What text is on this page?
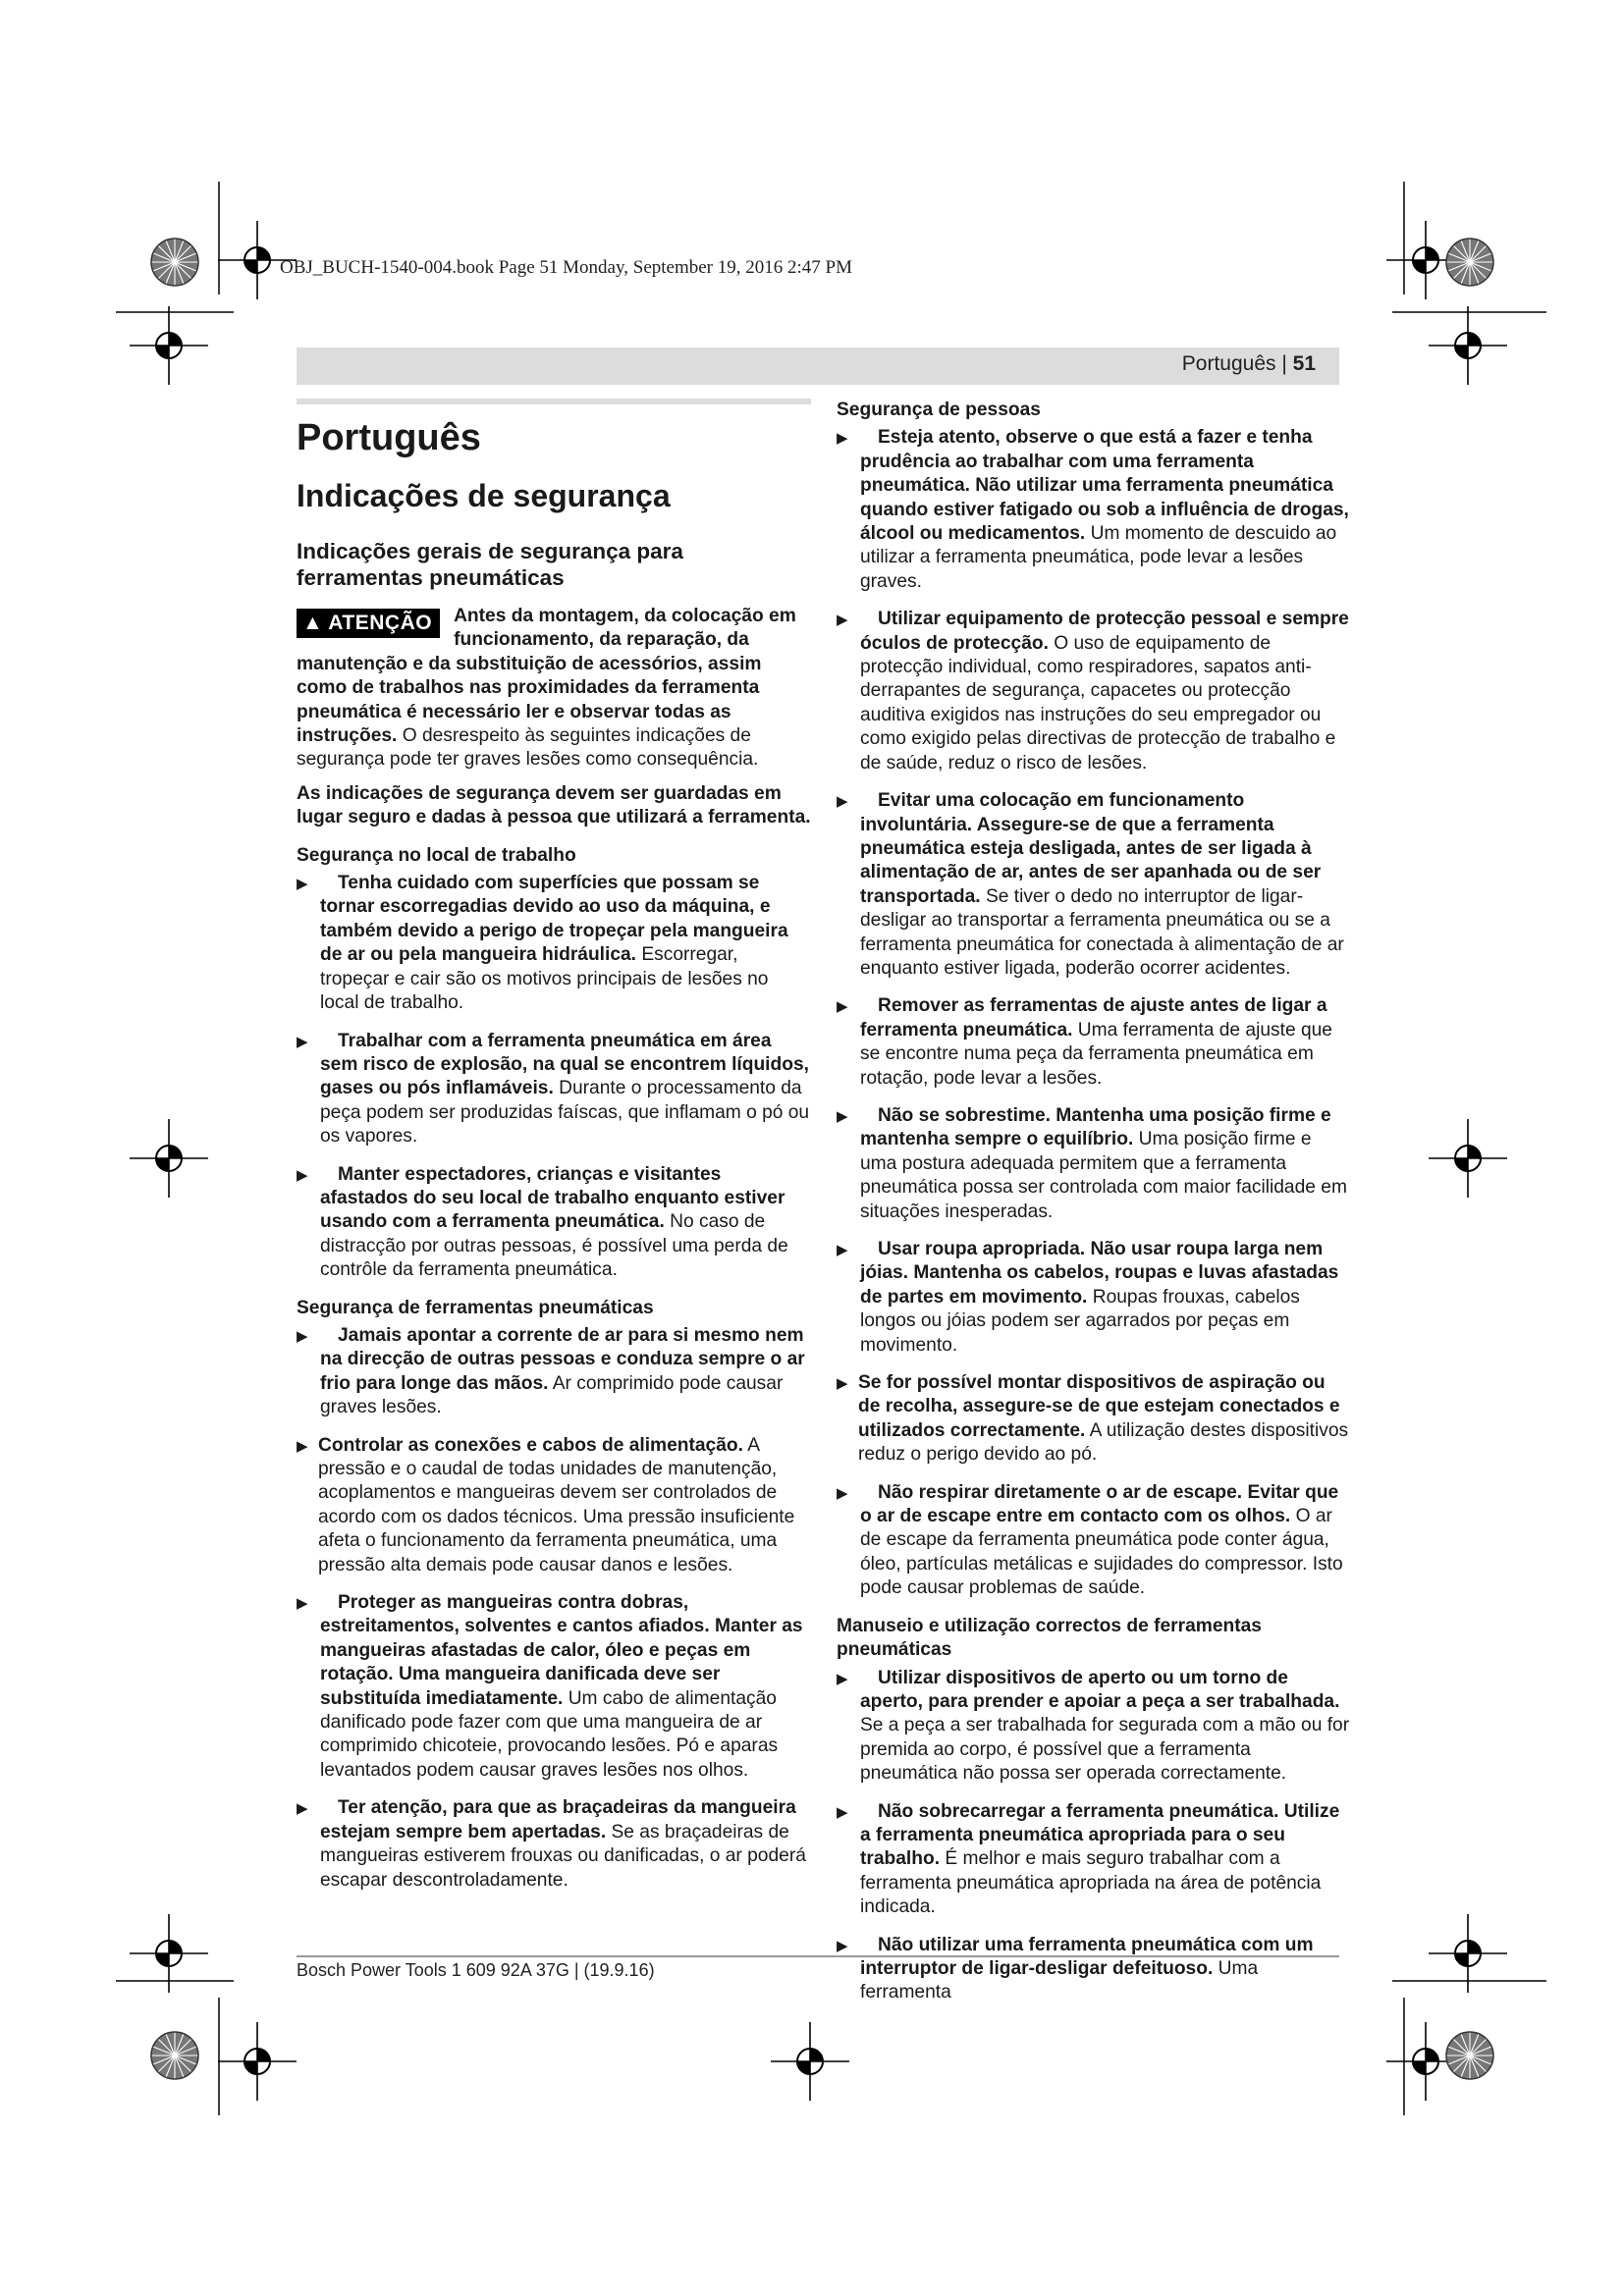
OBJ_BUCH-1540-004.book Page 51 Monday, September 19, 2016 2:47 PM
Português | 51
Português
Indicações de segurança
Indicações gerais de segurança para ferramentas pneumáticas
▲ ATENÇÃO	Antes da montagem, da colocação em funcionamento, da reparação, da manutenção e da substituição de acessórios, assim como de trabalhos nas proximidades da ferramenta pneumática é necessário ler e observar todas as instruções. O desrespeito às seguintes indicações de segurança pode ter graves lesões como consequência.
As indicações de segurança devem ser guardadas em lugar seguro e dadas à pessoa que utilizará a ferramenta.
Segurança no local de trabalho
▶ Tenha cuidado com superfícies que possam se tornar escorregadias devido ao uso da máquina, e também devido a perigo de tropeçar pela mangueira de ar ou pela mangueira hidráulica. Escorregar, tropeçar e cair são os motivos principais de lesões no local de trabalho.
▶ Trabalhar com a ferramenta pneumática em área sem risco de explosão, na qual se encontrem líquidos, gases ou pós inflamáveis. Durante o processamento da peça podem ser produzidas faíscas, que inflamam o pó ou os vapores.
▶ Manter espectadores, crianças e visitantes afastados do seu local de trabalho enquanto estiver usando com a ferramenta pneumática. No caso de distracção por outras pessoas, é possível uma perda de contrôle da ferramenta pneumática.
Segurança de ferramentas pneumáticas
▶ Jamais apontar a corrente de ar para si mesmo nem na direcção de outras pessoas e conduza sempre o ar frio para longe das mãos. Ar comprimido pode causar graves lesões.
▶ Controlar as conexões e cabos de alimentação. A pressão e o caudal de todas unidades de manutenção, acoplamentos e mangueiras devem ser controlados de acordo com os dados técnicos. Uma pressão insuficiente afeta o funcionamento da ferramenta pneumática, uma pressão alta demais pode causar danos e lesões.
▶ Proteger as mangueiras contra dobras, estreitamentos, solventes e cantos afiados. Manter as mangueiras afastadas de calor, óleo e peças em rotação. Uma mangueira danificada deve ser substituída imediatamente. Um cabo de alimentação danificado pode fazer com que uma mangueira de ar comprimido chicoteie, provocando lesões. Pó e aparas levantados podem causar graves lesões nos olhos.
▶ Ter atenção, para que as braçadeiras da mangueira estejam sempre bem apertadas. Se as braçadeiras de mangueiras estiverem frouxas ou danificadas, o ar poderá escapar descontroladamente.
Segurança de pessoas
▶ Esteja atento, observe o que está a fazer e tenha prudência ao trabalhar com uma ferramenta pneumática. Não utilizar uma ferramenta pneumática quando estiver fatigado ou sob a influência de drogas, álcool ou medicamentos. Um momento de descuido ao utilizar a ferramenta pneumática, pode levar a lesões graves.
▶ Utilizar equipamento de protecção pessoal e sempre óculos de protecção. O uso de equipamento de protecção individual, como respiradores, sapatos anti-derrapantes de segurança, capacetes ou protecção auditiva exigidos nas instruções do seu empregador ou como exigido pelas directivas de protecção de trabalho e de saúde, reduz o risco de lesões.
▶ Evitar uma colocação em funcionamento involuntária. Assegure-se de que a ferramenta pneumática esteja desligada, antes de ser ligada à alimentação de ar, antes de ser apanhada ou de ser transportada. Se tiver o dedo no interruptor de ligar-desligar ao transportar a ferramenta pneumática ou se a ferramenta pneumática for conectada à alimentação de ar enquanto estiver ligada, poderão ocorrer acidentes.
▶ Remover as ferramentas de ajuste antes de ligar a ferramenta pneumática. Uma ferramenta de ajuste que se encontre numa peça da ferramenta pneumática em rotação, pode levar a lesões.
▶ Não se sobrestime. Mantenha uma posição firme e mantenha sempre o equilíbrio. Uma posição firme e uma postura adequada permitem que a ferramenta pneumática possa ser controlada com maior facilidade em situações inesperadas.
▶ Usar roupa apropriada. Não usar roupa larga nem jóias. Mantenha os cabelos, roupas e luvas afastadas de partes em movimento. Roupas frouxas, cabelos longos ou jóias podem ser agarrados por peças em movimento.
▶ Se for possível montar dispositivos de aspiração ou de recolha, assegure-se de que estejam conectados e utilizados correctamente. A utilização destes dispositivos reduz o perigo devido ao pó.
▶ Não respirar diretamente o ar de escape. Evitar que o ar de escape entre em contacto com os olhos. O ar de escape da ferramenta pneumática pode conter água, óleo, partículas metálicas e sujidades do compressor. Isto pode causar problemas de saúde.
Manuseio e utilização correctos de ferramentas pneumáticas
▶ Utilizar dispositivos de aperto ou um torno de aperto, para prender e apoiar a peça a ser trabalhada. Se a peça a ser trabalhada for segurada com a mão ou for premida ao corpo, é possível que a ferramenta pneumática não possa ser operada correctamente.
▶ Não sobrecarregar a ferramenta pneumática. Utilize a ferramenta pneumática apropriada para o seu trabalho. É melhor e mais seguro trabalhar com a ferramenta pneumática apropriada na área de potência indicada.
▶ Não utilizar uma ferramenta pneumática com um interruptor de ligar-desligar defeituoso. Uma ferramenta
Bosch Power Tools 1 609 92A 37G | (19.9.16)
